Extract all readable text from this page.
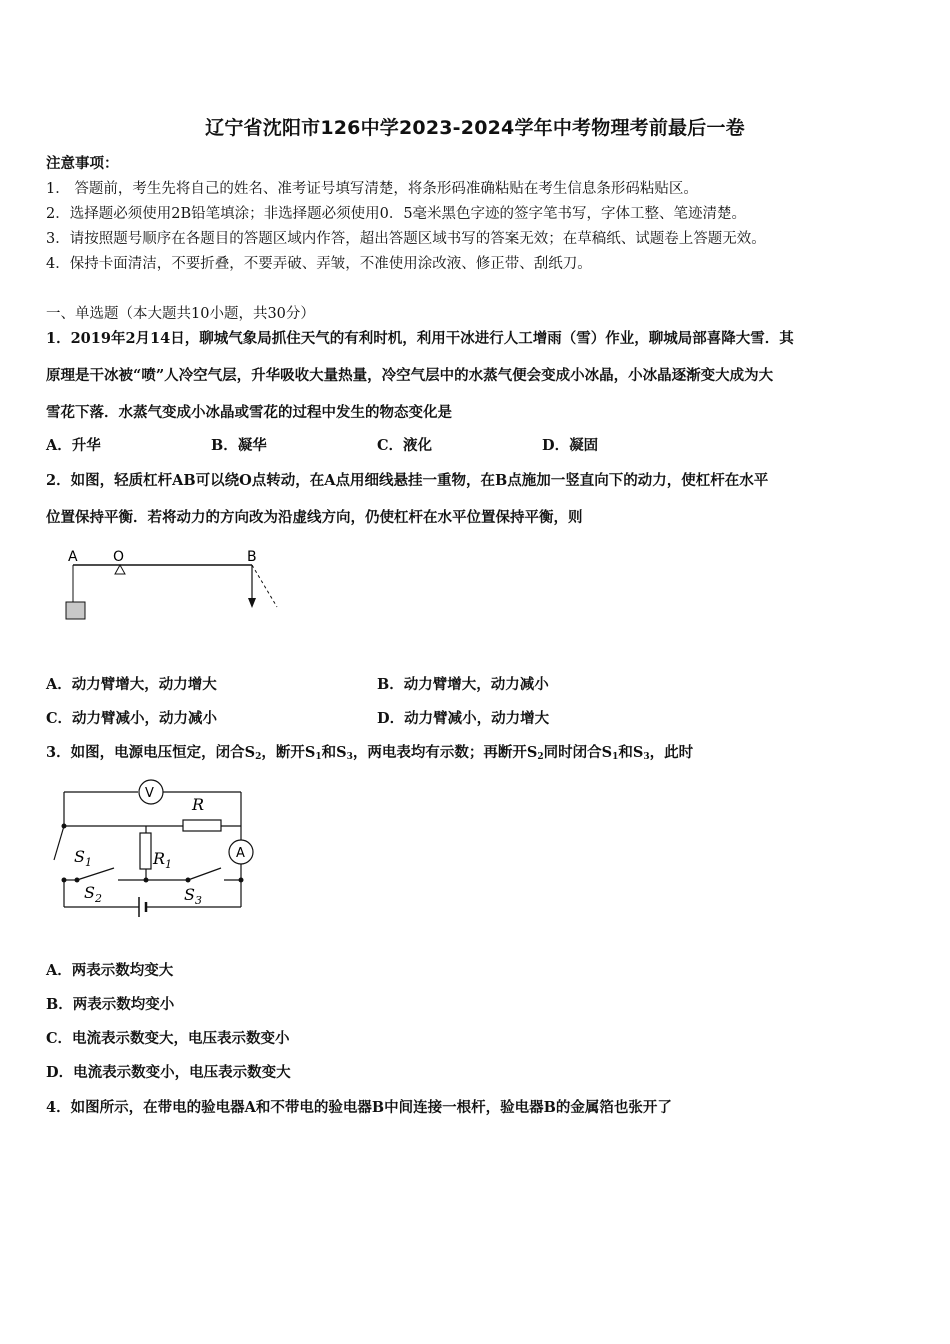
辽宁省沈阳市126中学2023-2024学年中考物理考前最后一卷
注意事项：
1． 答题前，考生先将自己的姓名、准考证号填写清楚，将条形码准确粘贴在考生信息条形码粘贴区。
2．选择题必须使用2B铅笔填涂；非选择题必须使用0．5毫米黑色字迹的签字笔书写，字体工整、笔迹清楚。
3．请按照题号顺序在各题目的答题区域内作答，超出答题区域书写的答案无效；在草稿纸、试题卷上答题无效。
4．保持卡面清洁，不要折叠，不要弄破、弄皱，不准使用涂改液、修正带、刮纸刀。
一、单选题（本大题共10小题，共30分）
1．2019年2月14日，聊城气象局抓住天气的有利时机，利用干冰进行人工增雨（雪）作业，聊城局部喜降大雪．其
原理是干冰被“喷”人冷空气层，升华吸收大量热量，冷空气层中的水蒸气便会变成小冰晶，小冰晶逐渐变大成为大
雪花下落．水蒸气变成小冰晶或雪花的过程中发生的物态变化是
A．升华	B．凝华	C．液化	D．凝固
2．如图，轻质杠杆AB可以绕O点转动，在A点用细线悬挂一重物，在B点施加一竖直向下的动力，使杠杆在水平
位置保持平衡．若将动力的方向改为沿虚线方向，仍使杠杆在水平位置保持平衡，则
A	O	B
A．动力臂增大，动力增大	B．动力臂增大，动力减小
C．动力臂减小，动力减小	D．动力臂减小，动力增大
3．如图，电源电压恒定，闭合$S_2$，断开$S_1$和$S_3$，两电表均有示数；再断开$S_2$同时闭合$S_1$和$S_3$，此时
V
$S_1$
R
A
$R_1$
$S_2$	$S_3$
A．两表示数均变大
B．两表示数均变小
C．电流表示数变大，电压表示数变小
D．电流表示数变小，电压表示数变大
4．如图所示，在带电的验电器A和不带电的验电器B中间连接一根杆，验电器B的金属箔也张开了
